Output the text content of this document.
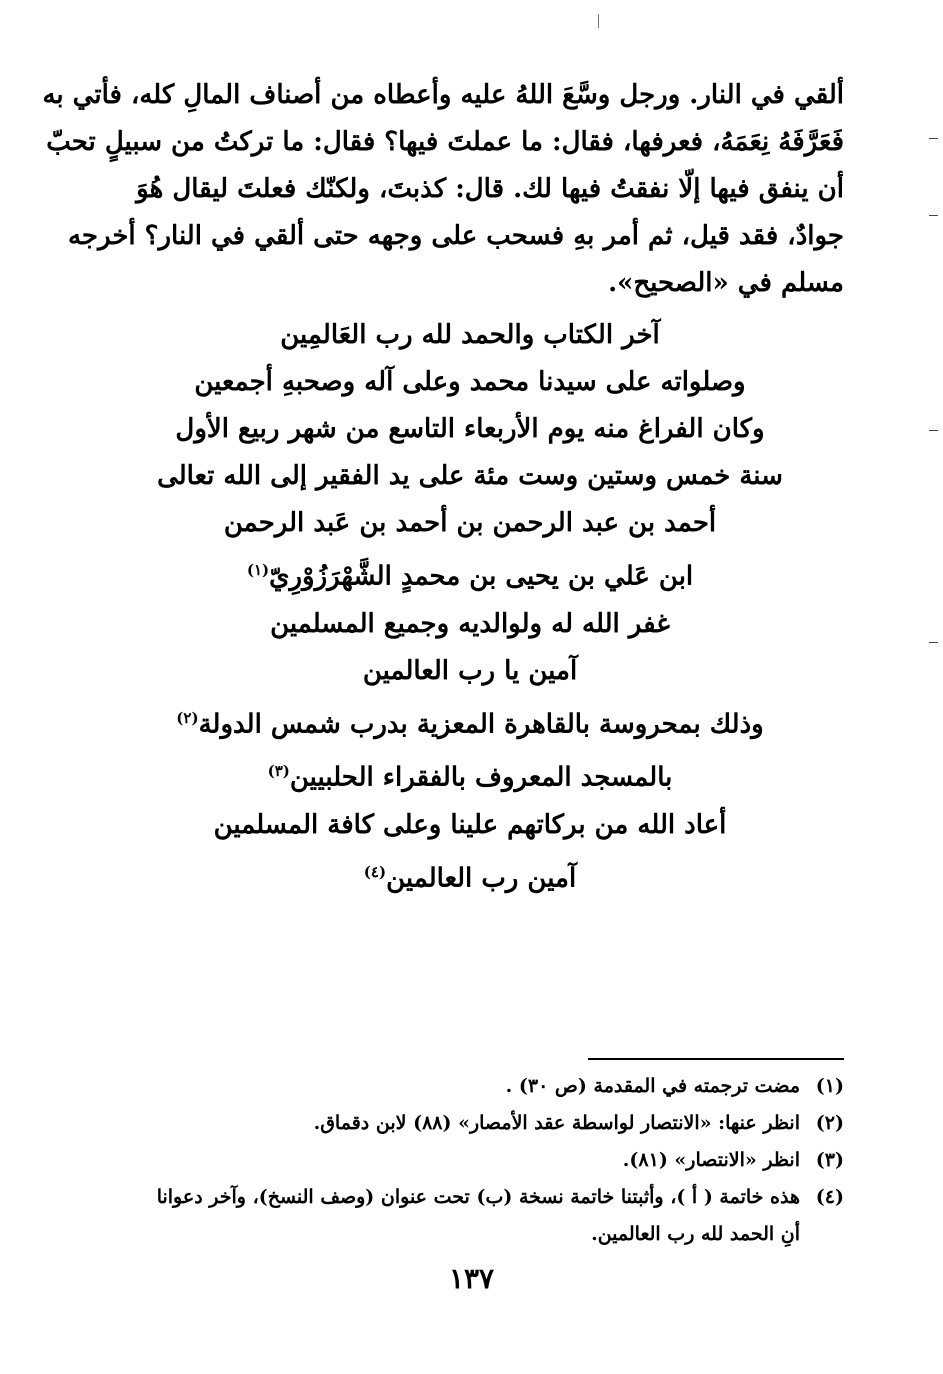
ألقي في النار. ورجل وسَّعَ اللهُ عليه وأعطاه من أصناف المالِ كله، فأتي به
فَعَرَّفَهُ نِعَمَهُ، فعرفها، فقال: ما عملتَ فيها؟ فقال: ما تركتُ من سبيلٍ تحبّ
أن ينفق فيها إلّا نفقتُ فيها لك. قال: كذبتَ، ولكنّك فعلتَ ليقال هُوَ
جوادٌ، فقد قيل، ثم أمر بهِ فسحب على وجهه حتى ألقي في النار؟ أخرجه
مسلم في «الصحيح».
آخر الكتاب والحمد لله رب العَالمِين
وصلواته على سيدنا محمد وعلى آله وصحبهِ أجمعين
وكان الفراغ منه يوم الأربعاء التاسع من شهر ربيع الأول
سنة خمس وستين وست مئة على يد الفقير إلى الله تعالى
أحمد بن عبد الرحمن بن أحمد بن عَبد الرحمن
ابن عَلي بن يحيى بن محمدٍ الشَّهْرَزُوْرِيّ$^{(١)}$
غفر الله له ولوالديه وجميع المسلمين
آمين يا رب العالمين
وذلك بمحروسة بالقاهرة المعزية بدرب شمس الدولة$^{(٢)}$
بالمسجد المعروف بالفقراء الحلبيين$^{(٣)}$
أعاد الله من بركاتهم علينا وعلى كافة المسلمين
آمين رب العالمين$^{(٤)}$
(١)
مضت ترجمته في المقدمة (ص ٣٠) .
(٢)
انظر عنها: «الانتصار لواسطة عقد الأمصار» (٨٨) لابن دقماق.
(٣)
انظر «الانتصار» (٨١).
(٤)
هذه خاتمة ( أ )، وأثبتنا خاتمة نسخة (ب) تحت عنوان (وصف النسخ)، وآخر دعوانا
أنِ الحمد لله رب العالمين.
١٣٧
